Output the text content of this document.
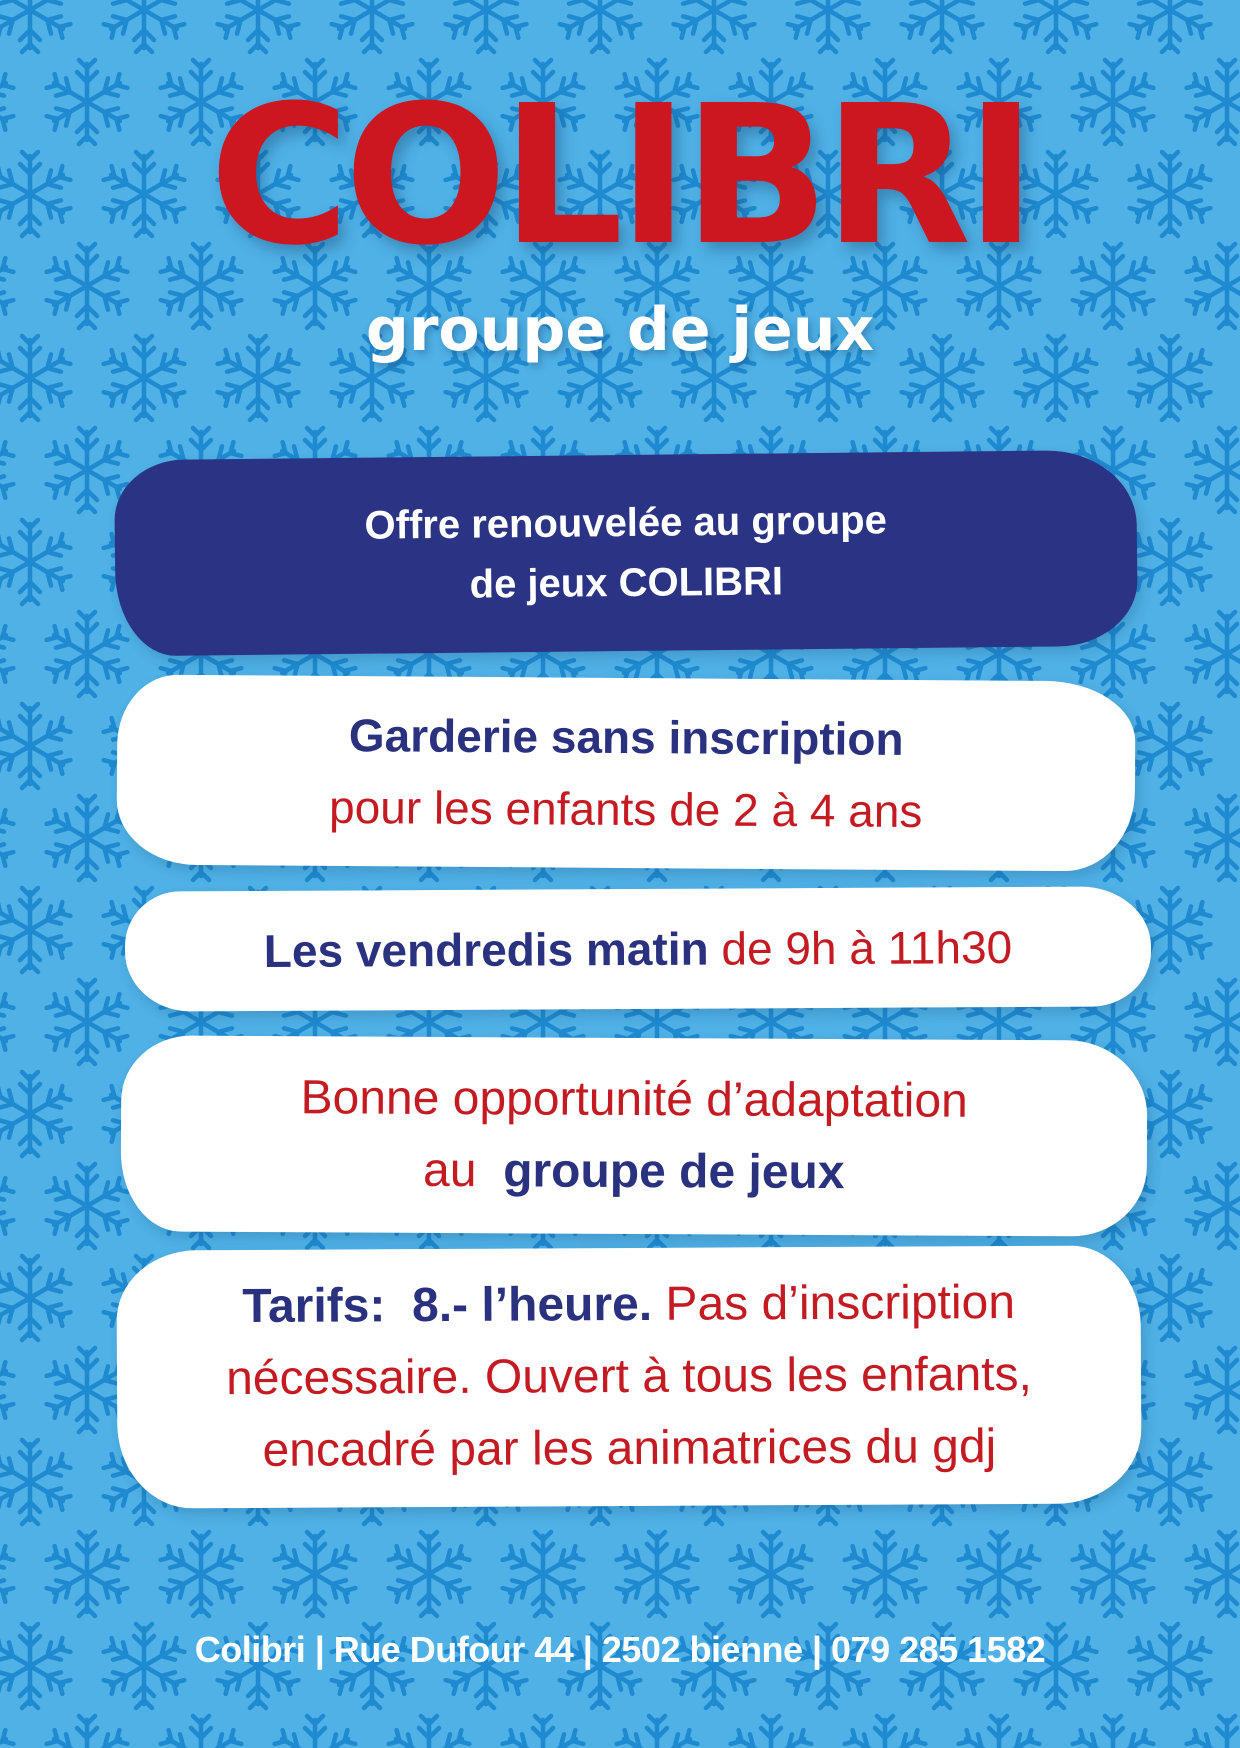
COLIBRI
groupe de jeux
Offre renouvelée au groupe
de jeux COLIBRI
Garderie sans inscription
pour les enfants de 2 à 4 ans
Les vendredis matin de 9h à 11h30
Bonne opportunité d’adaptation
au groupe de jeux
Tarifs: 8.- l’heure. Pas d’inscription
nécessaire. Ouvert à tous les enfants,
encadré par les animatrices du gdj
Colibri | Rue Dufour 44 | 2502 bienne | 079 285 1582
